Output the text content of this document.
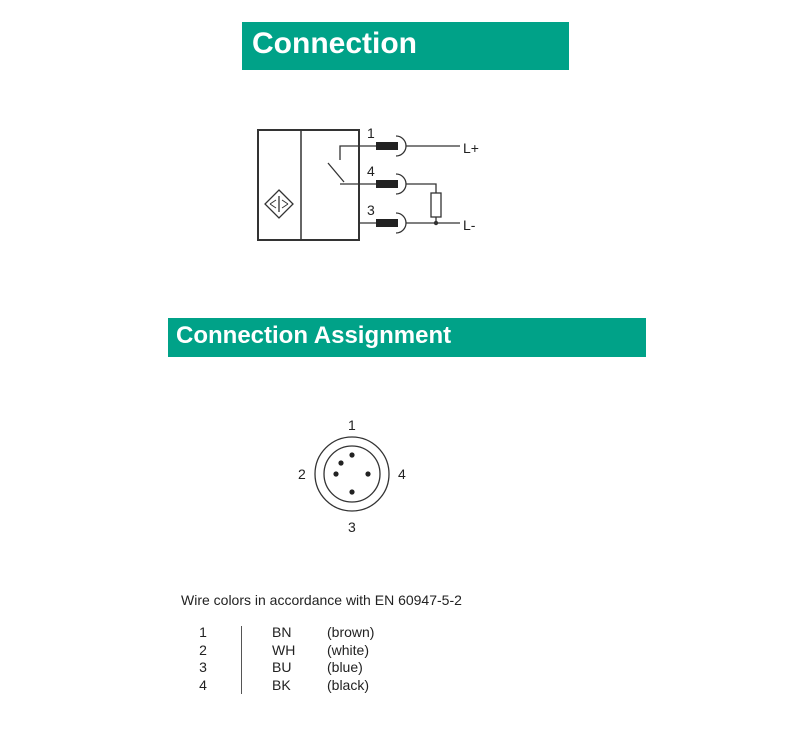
Connection
Connection Assignment
1
4
3
L+
L-
1
2	4
3
Wire colors in accordance with EN 60947-5-2
1	BN	(brown)
2	WH (white)
3	BU	(blue)
4	BK	(black)
